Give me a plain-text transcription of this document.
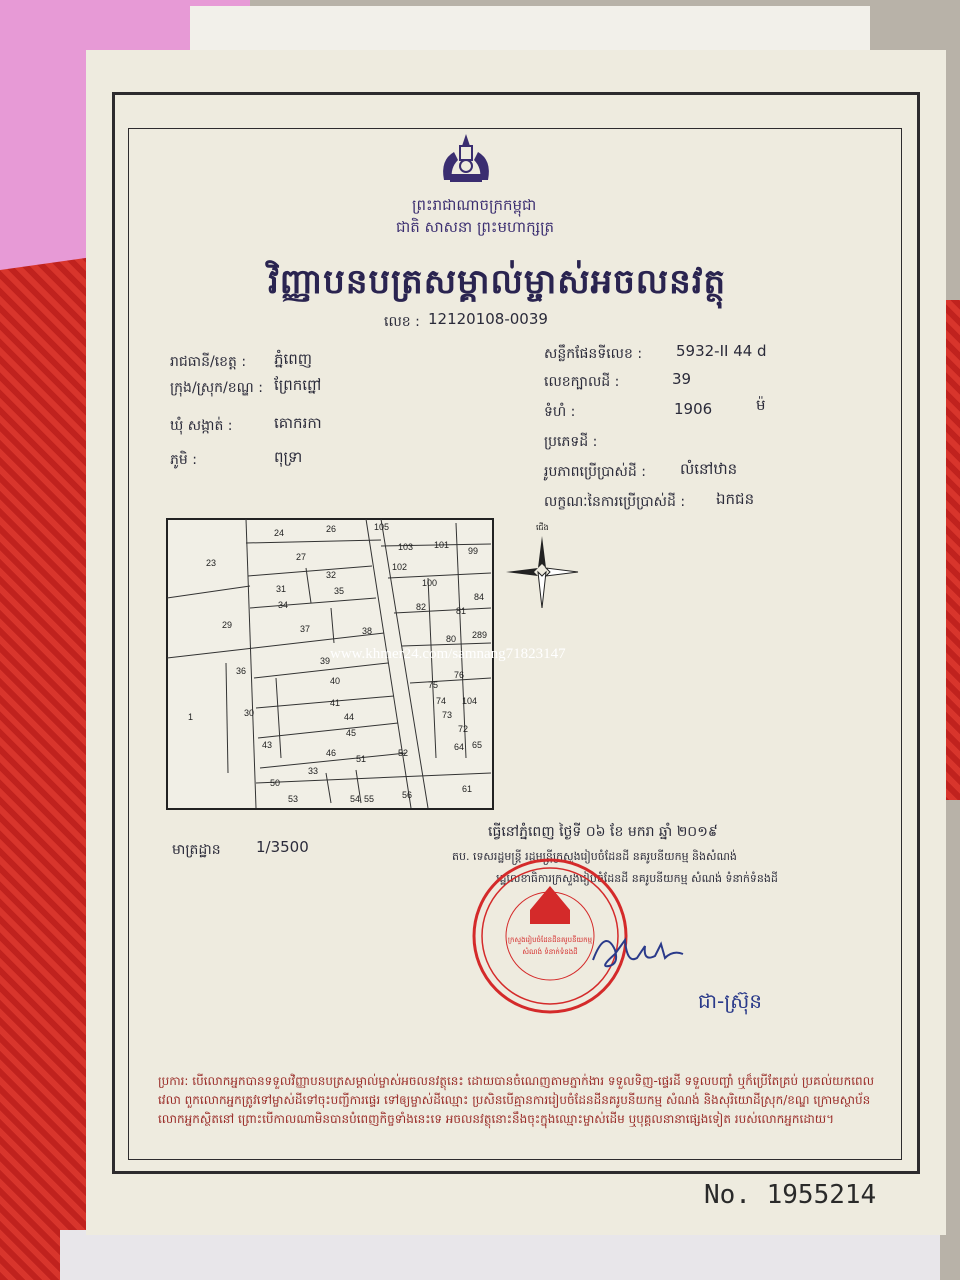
ព្រះរាជាណាចក្រកម្ពុជា
ជាតិ សាសនា ព្រះមហាក្សត្រ
វិញ្ញាបនបត្រសម្គាល់ម្ចាស់អចលនវត្ថុ
លេខ : 12120108-0039
រាជធានី/ខេត្ត : ភ្នំពេញ
ក្រុង/ស្រុក/ខណ្ឌ : ព្រែកព្នៅ
ឃុំ សង្កាត់ :	គោករកា
ភូមិ :	ពុទ្រា
សន្លឹកផែនទីលេខ : 5932-II 44 d
លេខក្បាលដី :	39
ទំហំ :	1906	ម៉
ប្រភេទដី :
រូបភាពប្រើប្រាស់ដី : លំនៅឋាន
លក្ខណៈនៃការប្រើប្រាស់ដី : ឯកជន
23
24	26	105
103 101
99
27
102
100
31
32
35
84
34	82	81
29	37	38
80 289
36
39
1
40	75
76
41	74 104
30	44	73
45	72
43
46
51
52
64 65
50
33
53	54 55	56
61
ជើង
មាត្រដ្ឋាន 1/3500
www.khmer24.com/samnang71823147
ធ្វើនៅភ្នំពេញ ថ្ងៃទី ០៦ ខែ មករា ឆ្នាំ ២០១៩
តប. ទេសរដ្ឋមន្ត្រី រដ្ឋមន្ត្រីក្រសួងរៀបចំដែនដី នគរូបនីយកម្ម និងសំណង់
រដ្ឋលេខាធិការក្រសួងរៀបចំដែនដី នគរូបនីយកម្ម សំណង់ ទំនាក់ទំនងដី
ក្រសួងរៀបចំដែនដីនគរូបនីយកម្ម
សំណង់ ទំនាក់ទំនងដី
ជា-ស្រ៊ុន
ប្រការ: បើលោកអ្នកបានទទួលវិញ្ញាបនបត្រសម្គាល់ម្ចាស់អចលនវត្ថុនេះ ដោយបានចំណេញតាមភ្នាក់ងារ ទទួលទិញ-ផ្ទេរដី ទទួលបញ្ចាំ ឬក៏ប្រើតែគ្រប់ ប្រគល់យកពេលវេលា ពួកលោកអ្នកត្រូវទៅម្ចាស់ដីទៅចុះបញ្ជីការផ្ទេរ ទៅឲ្យម្ចាស់ដីឈ្មោះ ប្រសិនបើគ្មានការរៀបចំដែនដីនគរូបនីយកម្ម សំណង់ និងសុរិយោដីស្រុក/ខណ្ឌ ក្រោមស្ថាប័នលោកអ្នកស្ថិតនៅ ព្រោះបើកាលណាមិនបានបំពេញកិច្ចទាំងនេះទេ អចលនវត្ថុនោះនឹងចុះក្នុងឈ្មោះម្ចាស់ដើម ឬបុគ្គលនានាផ្សេងទៀត របស់លោកអ្នកដោយ។
No. 1955214
